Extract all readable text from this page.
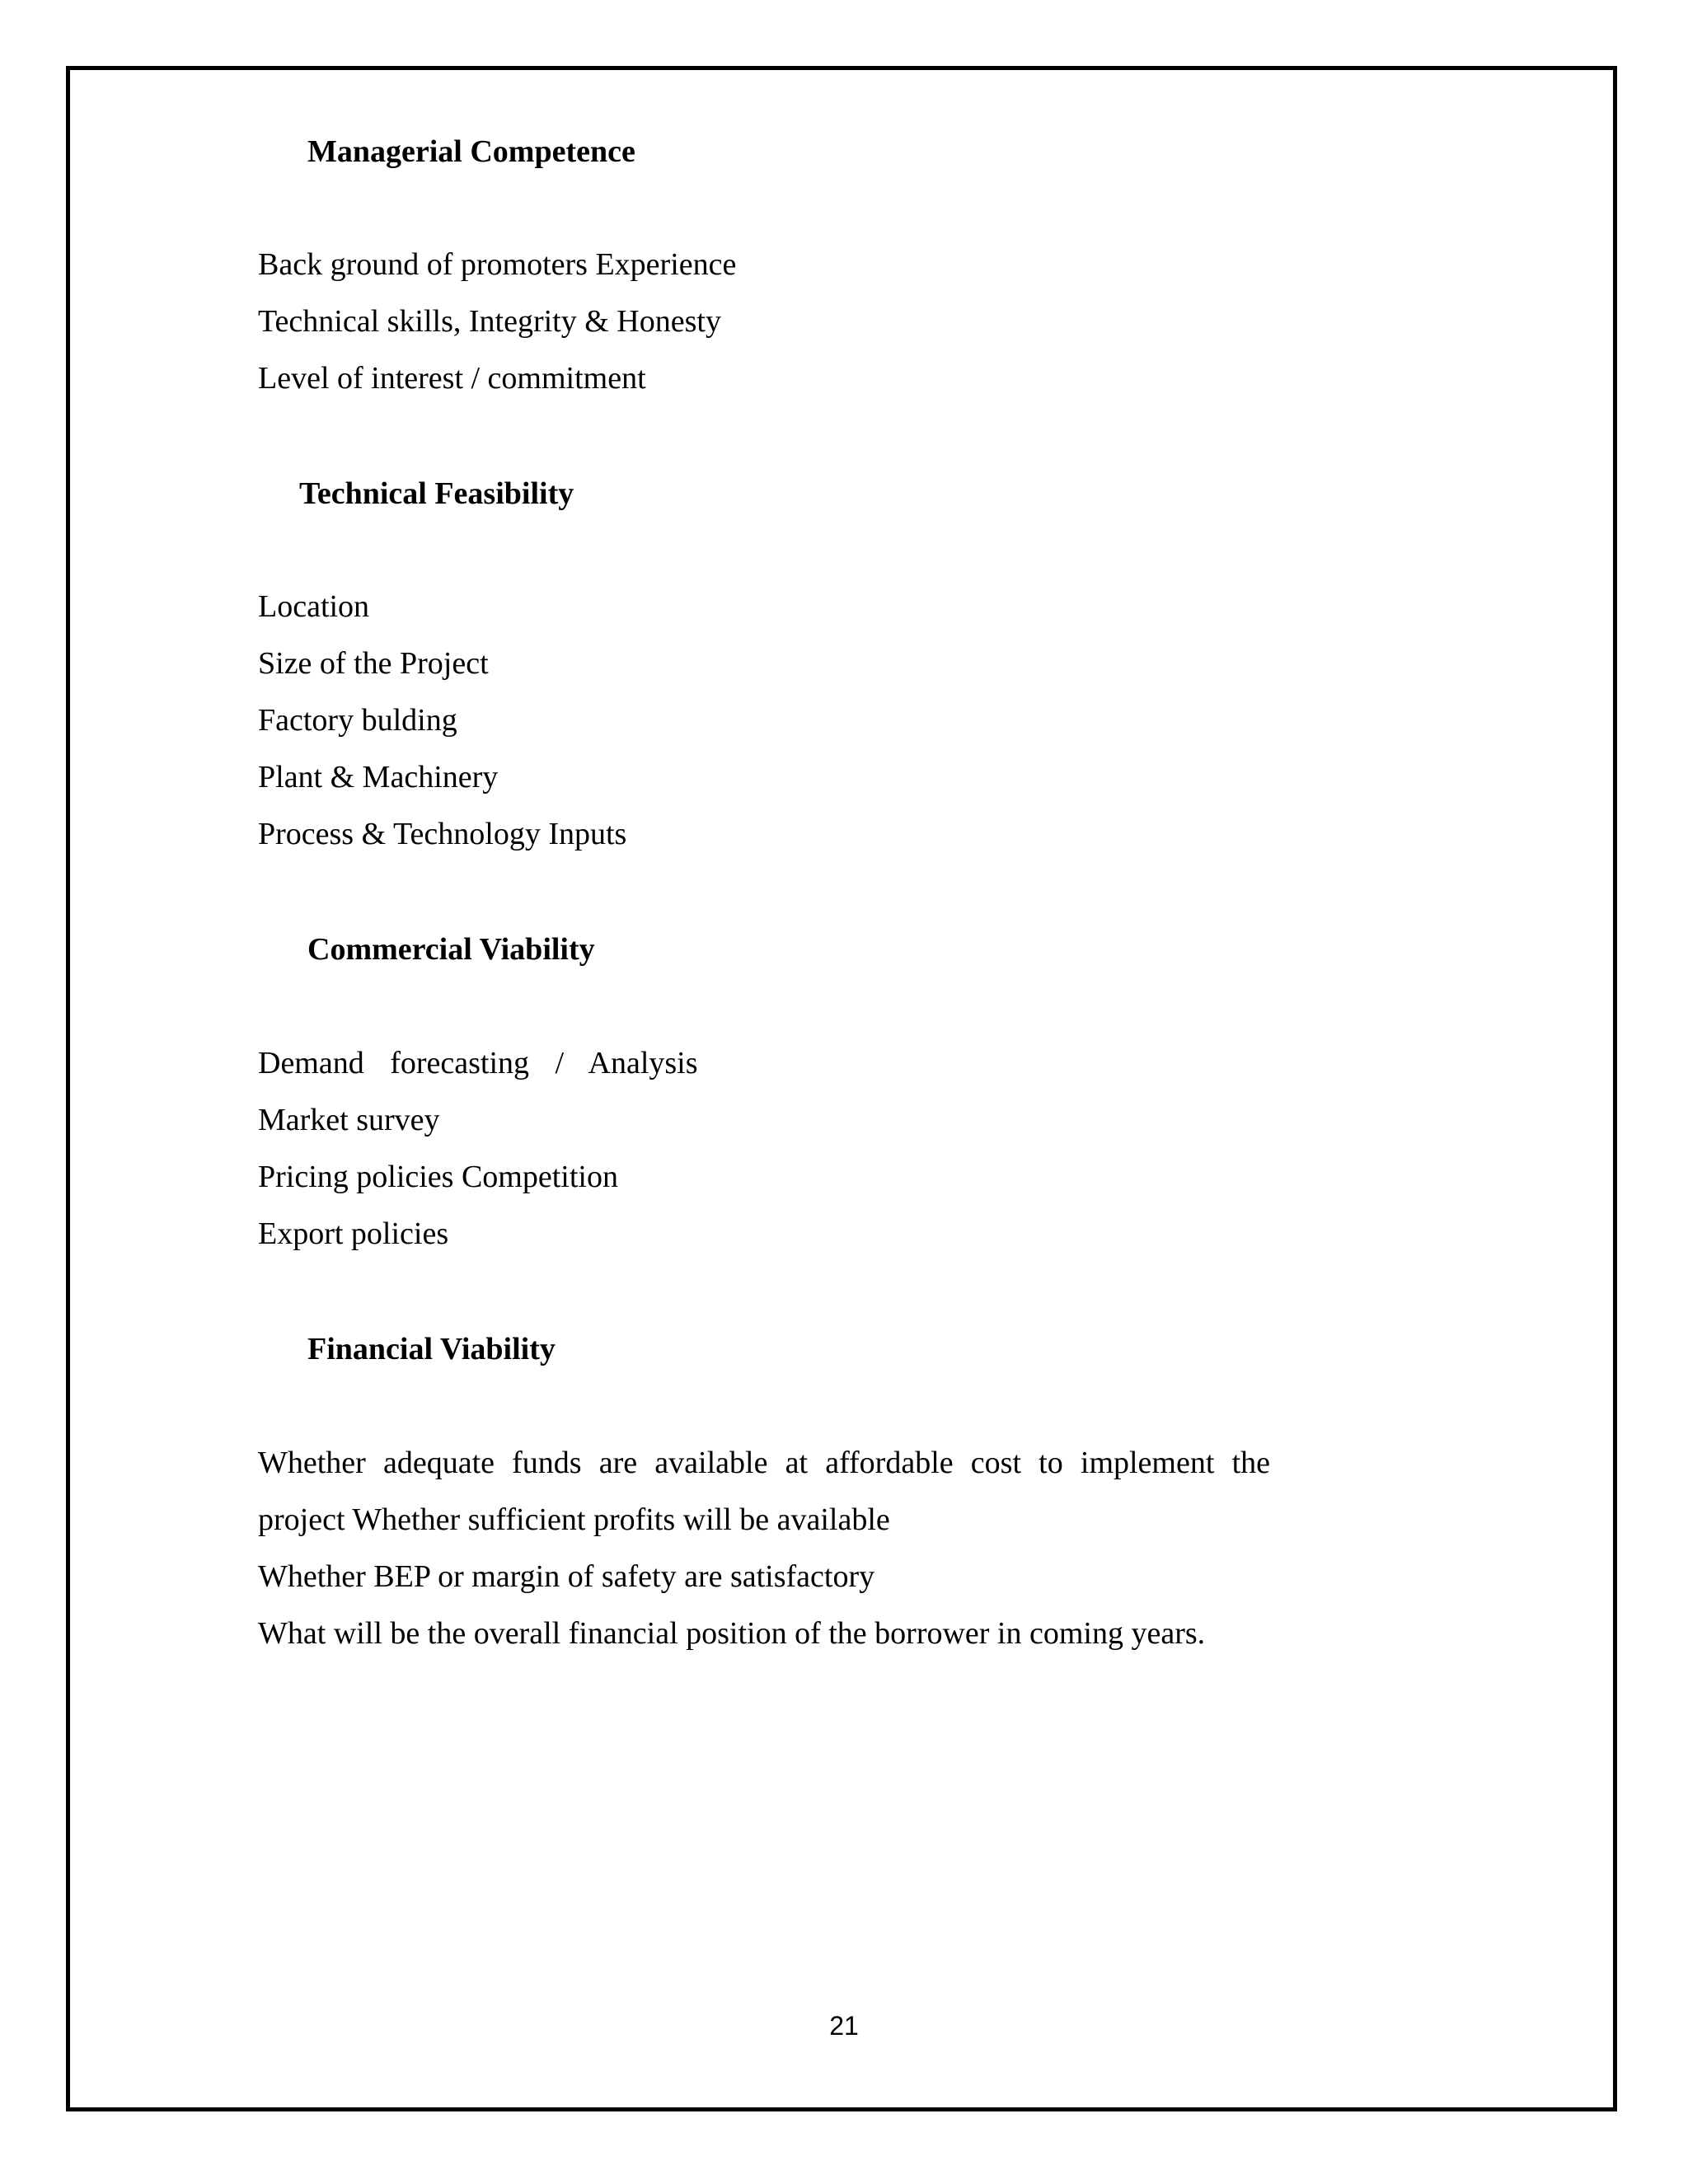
Managerial Competence
Back ground of promoters Experience
Technical skills, Integrity & Honesty
Level of interest / commitment
Technical Feasibility
Location
Size of the Project
Factory bulding
Plant & Machinery
Process & Technology Inputs
Commercial Viability
Demand forecasting / Analysis
Market survey
Pricing policies Competition
Export policies
Financial Viability
Whether adequate funds are available at affordable cost to implement the
project Whether sufficient profits will be available
Whether BEP or margin of safety are satisfactory
What will be the overall financial position of the borrower in coming years.
21
